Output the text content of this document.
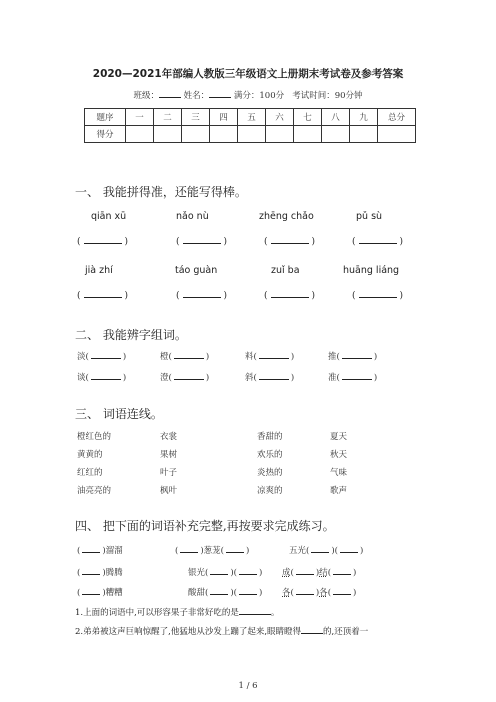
2020—2021年部编人教版三年级语文上册期末考试卷及参考答案
班级：	姓名：	满分：100分 考试时间：90分钟
题序	一	二	三	四	五	六	七	八	九	总分
得分										
一、 我能拼得准，还能写得棒。
qiān xū	nǎo nù	zhēng chǎo	pǔ sù
(	)	(	)	(	)	(	)
jià zhí	táo guàn	zuǐ ba	huāng liáng
(	)	(	)	(	)	(	)
二、 我能辨字组词。
淡(	)	橙(	)	料(	)	推(	)
谈(	)	澄(	)	斜(	)	准(	)
三、 词语连线。
橙红色的	衣裳	香甜的	夏天
黄黄的	果树	欢乐的	秋天
红红的	叶子	炎热的	气味
油亮亮的	枫叶	凉爽的	歌声
四、 把下面的词语补充完整,再按要求完成练习。
(	)溜溜	(	)葱茏(	)	五光(	)(	)
(	)腾腾	银光(	)(	) 成(	)结(	)
(	)糟糟	酸甜(	)(	) 各(	)各(	)
1.上面的词语中,可以形容果子非常好吃的是	。
2.弟弟被这声巨响惊醒了,他猛地从沙发上蹦了起来,眼睛瞪得	的,还顶着一
1 / 6
